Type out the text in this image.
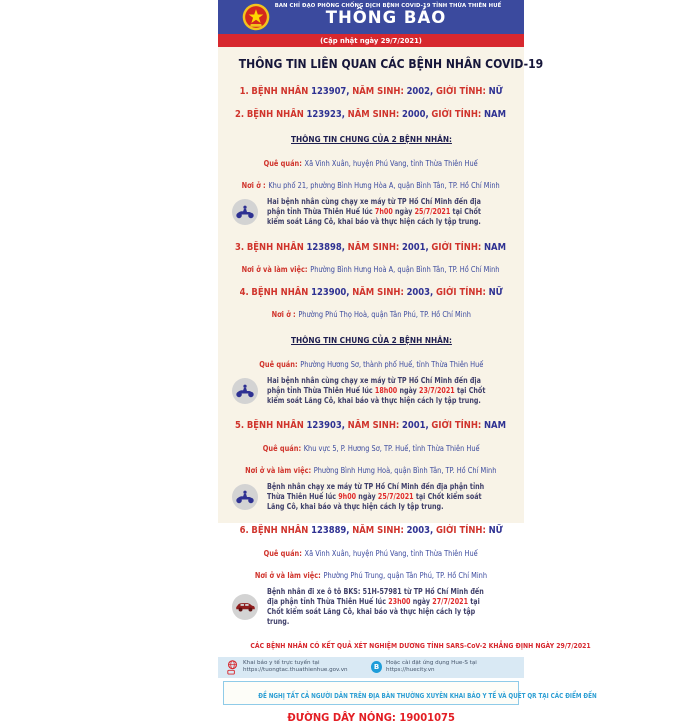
BAN CHỈ ĐẠO PHÒNG CHỐNG DỊCH BỆNH COVID-19 TỈNH THỪA THIÊN HUẾ
THÔNG BÁO
(Cập nhật ngày 29/7/2021)
THÔNG TIN LIÊN QUAN CÁC BỆNH NHÂN COVID-19
1. BỆNH NHÂN 123907, NĂM SINH: 2002, GIỚI TÍNH: NỮ
2. BỆNH NHÂN 123923, NĂM SINH: 2000, GIỚI TÍNH: NAM
THÔNG TIN CHUNG CỦA 2 BỆNH NHÂN:
Quê quán: Xã Vinh Xuân, huyện Phú Vang, tỉnh Thừa Thiên Huế
Nơi ở : Khu phố 21, phường Bình Hưng Hòa A, quận Bình Tân, TP. Hồ Chí Minh
Hai bệnh nhân cùng chạy xe máy từ TP Hồ Chí Minh đến địa phận tỉnh Thừa Thiên Huế lúc 7h00 ngày 25/7/2021 tại Chốt kiểm soát Lăng Cô, khai báo và thực hiện cách ly tập trung.
3. BỆNH NHÂN 123898, NĂM SINH: 2001, GIỚI TÍNH: NAM
Nơi ở và làm việc: Phường Bình Hưng Hoà A, quận Bình Tân, TP. Hồ Chí Minh
4. BỆNH NHÂN 123900, NĂM SINH: 2003, GIỚI TÍNH: NỮ
Nơi ở : Phường Phú Thọ Hoà, quận Tân Phú, TP. Hồ Chí Minh
THÔNG TIN CHUNG CỦA 2 BỆNH NHÂN:
Quê quán: Phường Hương Sơ, thành phố Huế, tỉnh Thừa Thiên Huế
Hai bệnh nhân cùng chạy xe máy từ TP Hồ Chí Minh đến địa phận tỉnh Thừa Thiên Huế lúc 18h00 ngày 23/7/2021 tại Chốt kiểm soát Lăng Cô, khai báo và thực hiện cách ly tập trung.
5. BỆNH NHÂN 123903, NĂM SINH: 2001, GIỚI TÍNH: NAM
Quê quán: Khu vực 5, P. Hương Sơ, TP. Huế, tỉnh Thừa Thiên Huế
Nơi ở và làm việc: Phường Bình Hưng Hoà, quận Bình Tân, TP. Hồ Chí Minh
Bệnh nhân chạy xe máy từ TP Hồ Chí Minh đến địa phận tỉnh Thừa Thiên Huế lúc 9h00 ngày 25/7/2021 tại Chốt kiểm soát Lăng Cô, khai báo và thực hiện cách ly tập trung.
6. BỆNH NHÂN 123889, NĂM SINH: 2003, GIỚI TÍNH: NỮ
Quê quán: Xã Vinh Xuân, huyện Phú Vang, tỉnh Thừa Thiên Huế
Nơi ở và làm việc: Phường Phú Trung, quận Tân Phú, TP. Hồ Chí Minh
Bệnh nhân đi xe ô tô BKS: 51H-57981 từ TP Hồ Chí Minh đến địa phận tỉnh Thừa Thiên Huế lúc 23h00 ngày 27/7/2021 tại Chốt kiểm soát Lăng Cô, khai báo và thực hiện cách ly tập trung.
CÁC BỆNH NHÂN CÓ KẾT QUẢ XÉT NGHIỆM DƯƠNG TÍNH SARS-CoV-2 KHẲNG ĐỊNH NGÀY 29/7/2021
Khai báo y tế trực tuyến tại
https://tuongtac.thuathienhue.gov.vn	B
Hoặc cài đặt ứng dụng Hue-S tại https://huecity.vn
ĐỀ NGHỊ TẤT CẢ NGƯỜI DÂN TRÊN ĐỊA BÀN THƯỜNG XUYÊN KHAI BÁO Y TẾ VÀ QUÉT QR TẠI CÁC ĐIỂM ĐẾN
ĐƯỜNG DÂY NÓNG: 19001075
